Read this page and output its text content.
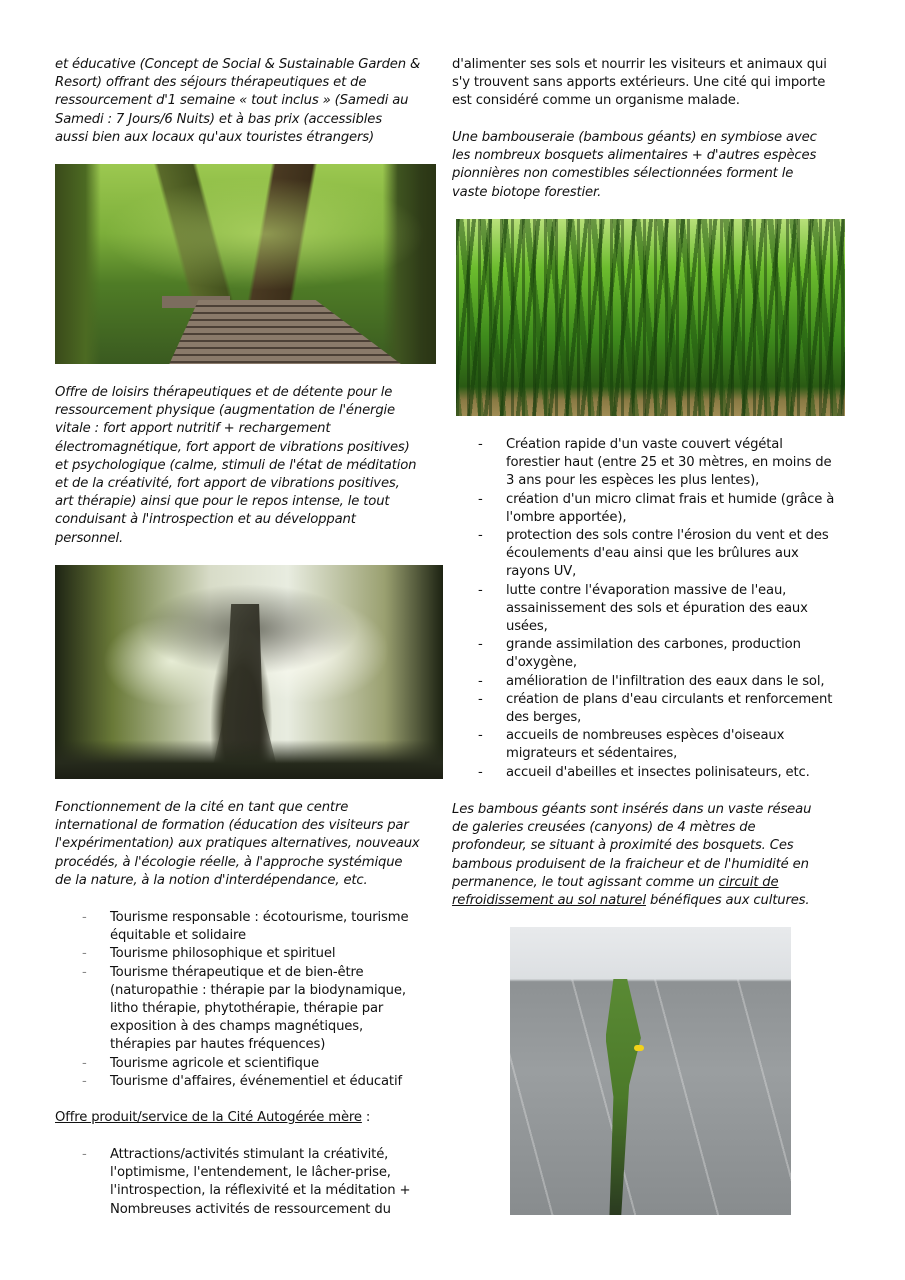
et éducative (Concept de Social & Sustainable Garden &
Resort) offrant des séjours thérapeutiques et de
ressourcement d'1 semaine « tout inclus » (Samedi au
Samedi : 7 Jours/6 Nuits) et à bas prix (accessibles
aussi bien aux locaux qu'aux touristes étrangers)
Offre de loisirs thérapeutiques et de détente pour le
ressourcement physique (augmentation de l'énergie
vitale : fort apport nutritif + rechargement
électromagnétique, fort apport de vibrations positives)
et psychologique (calme, stimuli de l'état de méditation
et de la créativité, fort apport de vibrations positives,
art thérapie) ainsi que pour le repos intense, le tout
conduisant à l'introspection et au développant
personnel.
Fonctionnement de la cité en tant que centre
international de formation (éducation des visiteurs par
l'expérimentation) aux pratiques alternatives, nouveaux
procédés, à l'écologie réelle, à l'approche systémique
de la nature, à la notion d'interdépendance, etc.
- Tourisme responsable : écotourisme, tourisme
équitable et solidaire
- Tourisme philosophique et spirituel
- Tourisme thérapeutique et de bien-être
(naturopathie : thérapie par la biodynamique,
litho thérapie, phytothérapie, thérapie par
exposition à des champs magnétiques,
thérapies par hautes fréquences)
- Tourisme agricole et scientifique
- Tourisme d'affaires, événementiel et éducatif
Offre produit/service de la Cité Autogérée mère :
- Attractions/activités stimulant la créativité,
l'optimisme, l'entendement, le lâcher-prise,
l'introspection, la réflexivité et la méditation +
Nombreuses activités de ressourcement du
d'alimenter ses sols et nourrir les visiteurs et animaux qui
s'y trouvent sans apports extérieurs. Une cité qui importe
est considéré comme un organisme malade.
Une bambouseraie (bambous géants) en symbiose avec
les nombreux bosquets alimentaires + d'autres espèces
pionnières non comestibles sélectionnées forment le
vaste biotope forestier.
- Création rapide d'un vaste couvert végétal
forestier haut (entre 25 et 30 mètres, en moins de
3 ans pour les espèces les plus lentes),
- création d'un micro climat frais et humide (grâce à
l'ombre apportée),
- protection des sols contre l'érosion du vent et des
écoulements d'eau ainsi que les brûlures aux
rayons UV,
- lutte contre l'évaporation massive de l'eau,
assainissement des sols et épuration des eaux
usées,
- grande assimilation des carbones, production
d'oxygène,
- amélioration de l'infiltration des eaux dans le sol,
- création de plans d'eau circulants et renforcement
des berges,
- accueils de nombreuses espèces d'oiseaux
migrateurs et sédentaires,
- accueil d'abeilles et insectes polinisateurs, etc.
Les bambous géants sont insérés dans un vaste réseau
de galeries creusées (canyons) de 4 mètres de
profondeur, se situant à proximité des bosquets. Ces
bambous produisent de la fraicheur et de l'humidité en
permanence, le tout agissant comme un circuit de
refroidissement au sol naturel bénéfiques aux cultures.
